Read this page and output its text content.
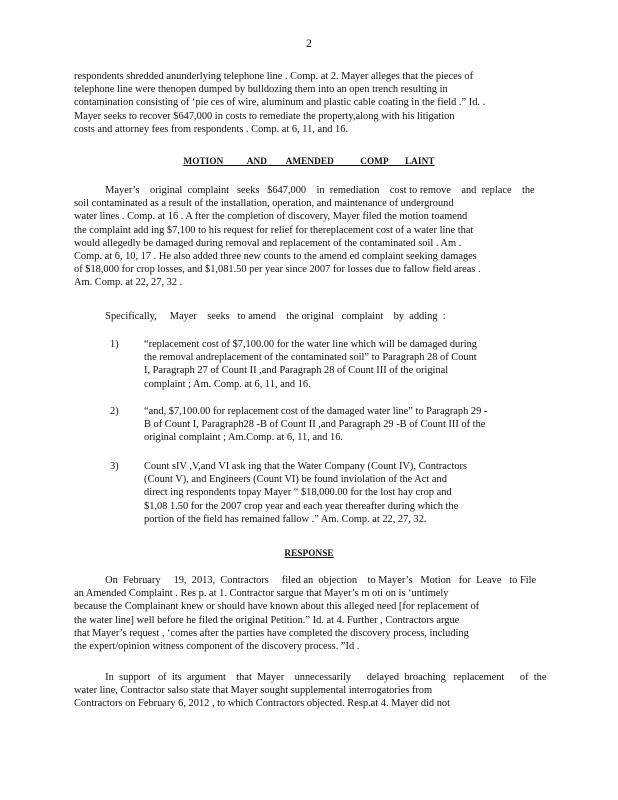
2
respondents shredded anunderlying telephone line . Comp. at 2. Mayer alleges that the pieces of
telephone line were thenopen dumped by bulldozing them into an open trench resulting in
contamination consisting of ‘pie ces of wire, aluminum and plastic cable coating in the field .” Id. .
Mayer seeks to recover $647,000 in costs to remediate the property,along with his litigation
costs and attorney fees from respondents . Comp. at 6, 11, and 16.
MOTION          AND        AMENDED           COMP       LAINT
Mayer’s    original  complaint   seeks   $647,000    in  remediation    cost to remove    and  replace    the
soil contaminated as a result of the installation, operation, and maintenance of underground
water lines . Comp. at 16 . A fter the completion of discovery, Mayer filed the motion toamend
the complaint add ing $7,100 to his request for relief for thereplacement cost of a water line that
would allegedly be damaged during removal and replacement of the contaminated soil . Am .
Comp. at 6, 10, 17 . He also added three new counts to the amend ed complaint seeking damages
of $18,000 for crop losses, and $1,081.50 per year since 2007 for losses due to fallow field areas .
Am. Comp. at 22, 27, 32 .
Specifically,     Mayer    seeks   to amend    the original   complaint    by  adding  :
1)	“replacement cost of $7,100.00 for the water line which will be damaged during
the removal andreplacement of the contaminated soil” to Paragraph 28 of Count
I, Paragraph 27 of Count II ,and Paragraph 28 of Count III of the original
complaint ; Am. Comp. at 6, 11, and 16.
2)	“and, $7,100.00 for replacement cost of the damaged water line” to Paragraph 29 -
B of Count I, Paragraph28 -B of Count II ,and Paragraph 29 -B of Count III of the
original complaint ; Am.Comp. at 6, 11, and 16.
3)	Count sIV ,V,and VI ask ing that the Water Company (Count IV), Contractors
(Count V), and Engineers (Count VI) be found inviolation of the Act and
direct ing respondents topay Mayer “ $18,000.00 for the lost hay crop and
$1,08 1.50 for the 2007 crop year and each year thereafter during which the
portion of the field has remained fallow .” Am. Comp. at 22, 27, 32.
RESPONSE
On  February     19,  2013,  Contractors     filed an  objection    to Mayer’s   Motion   for  Leave   to File
an Amended Complaint . Res p. at 1. Contractor sargue that Mayer’s m oti on is ‘untimely
because the Complainant knew or should have known about this alleged need [for replacement of
the water line] well before he filed the original Petition.” Id. at 4. Further , Contractors argue
that Mayer’s request , ‘comes after the parties have completed the discovery process, including
the expert/opinion witness component of the discovery process. ”Id .
In  support   of  its  argument    that  Mayer    unnecessarily      delayed  broaching   replacement      of  the
water line, Contractor salso state that Mayer sought supplemental interrogatories from
Contractors on February 6, 2012 , to which Contractors objected. Resp.at 4. Mayer did not
